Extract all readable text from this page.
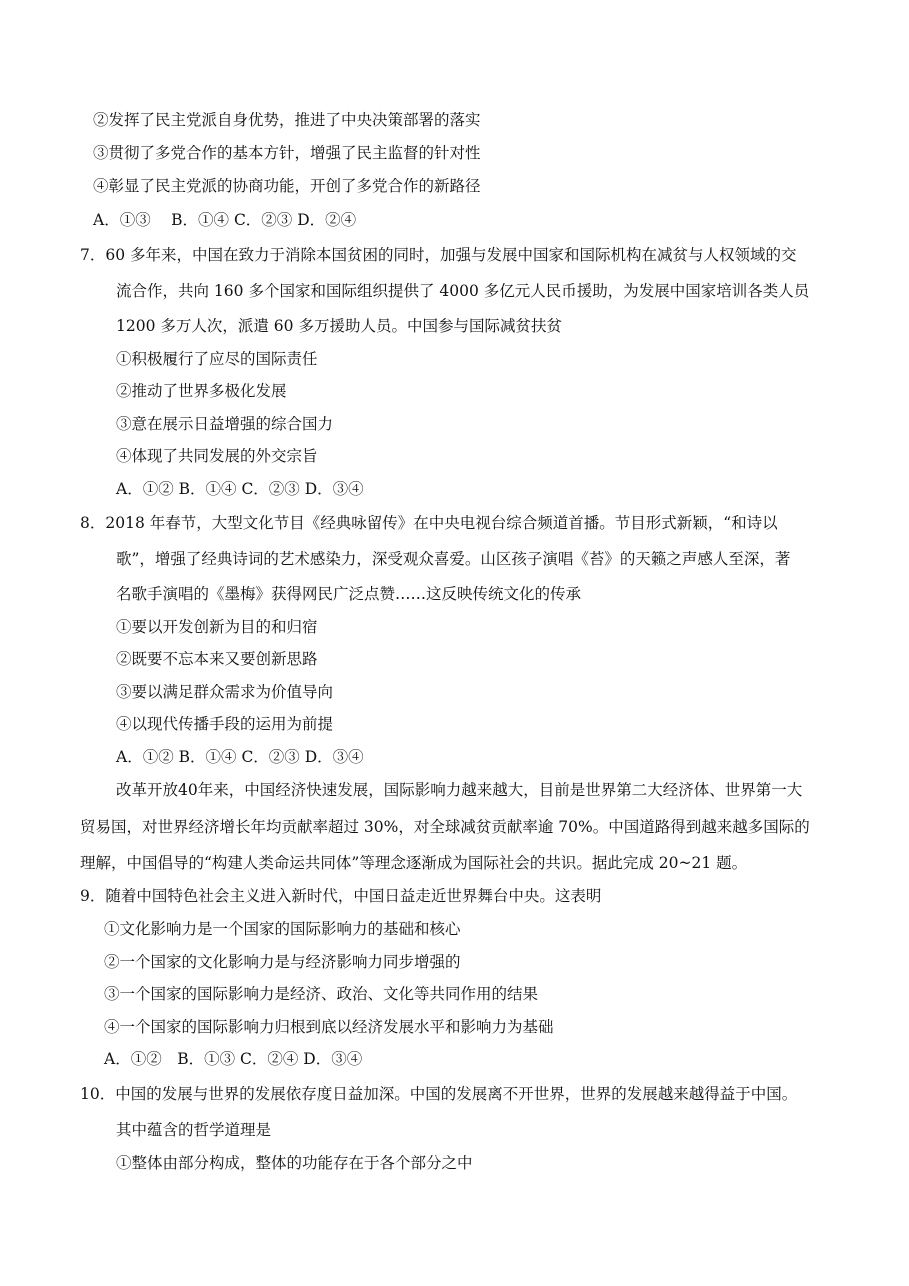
②发挥了民主党派自身优势，推进了中央决策部署的落实
③贯彻了多党合作的基本方针，增强了民主监督的针对性
④彰显了民主党派的协商功能，开创了多党合作的新路径
A．①③　 B．①④ C．②③ D．②④
7．60 多年来，中国在致力于消除本国贫困的同时，加强与发展中国家和国际机构在减贫与人权领域的交
流合作，共向 160 多个国家和国际组织提供了 4000 多亿元人民币援助，为发展中国家培训各类人员
1200 多万人次，派遣 60 多万援助人员。中国参与国际减贫扶贫
①积极履行了应尽的国际责任
②推动了世界多极化发展
③意在展示日益增强的综合国力
④体现了共同发展的外交宗旨
A．①② B．①④ C．②③ D．③④
8．2018 年春节，大型文化节目《经典咏留传》在中央电视台综合频道首播。节目形式新颖，“和诗以
歌”，增强了经典诗词的艺术感染力，深受观众喜爱。山区孩子演唱《苔》的天籁之声感人至深，著
名歌手演唱的《墨梅》获得网民广泛点赞……这反映传统文化的传承
①要以开发创新为目的和归宿
②既要不忘本来又要创新思路
③要以满足群众需求为价值导向
④以现代传播手段的运用为前提
A．①② B．①④ C．②③ D．③④
改革开放40年来，中国经济快速发展，国际影响力越来越大，目前是世界第二大经济体、世界第一大
贸易国，对世界经济增长年均贡献率超过 30%，对全球减贫贡献率逾 70%。中国道路得到越来越多国际的
理解，中国倡导的“构建人类命运共同体”等理念逐渐成为国际社会的共识。据此完成 20~21 题。
9．随着中国特色社会主义进入新时代，中国日益走近世界舞台中央。这表明
①文化影响力是一个国家的国际影响力的基础和核心
②一个国家的文化影响力是与经济影响力同步增强的
③一个国家的国际影响力是经济、政治、文化等共同作用的结果
④一个国家的国际影响力归根到底以经济发展水平和影响力为基础
A．①②　B．①③ C．②④ D．③④
10．中国的发展与世界的发展依存度日益加深。中国的发展离不开世界，世界的发展越来越得益于中国。
其中蕴含的哲学道理是
①整体由部分构成，整体的功能存在于各个部分之中
